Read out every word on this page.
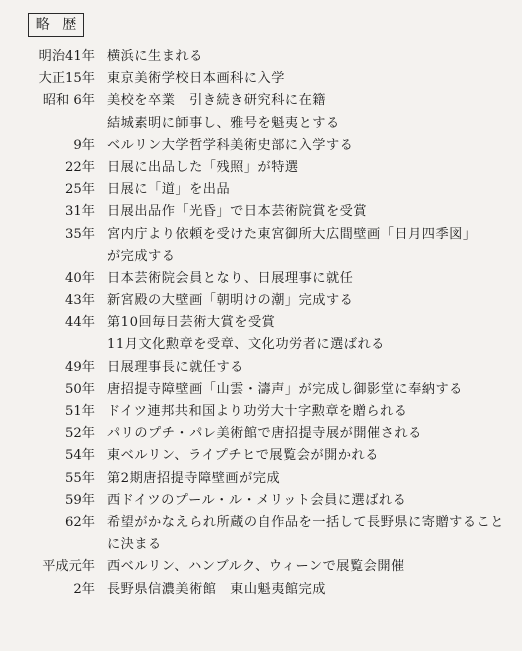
略 歴
明治41年 横浜に生まれる
大正15年 東京美術学校日本画科に入学
昭和 6年 美校を卒業　引き続き研究科に在籍
結城素明に師事し、雅号を魁夷とする
9年 ベルリン大学哲学科美術史部に入学する
22年 日展に出品した「残照」が特選
25年 日展に「道」を出品
31年 日展出品作「光昏」で日本芸術院賞を受賞
35年 宮内庁より依頼を受けた東宮御所大広間壁画「日月四季図」
が完成する
40年 日本芸術院会員となり、日展理事に就任
43年 新宮殿の大壁画「朝明けの潮」完成する
44年 第10回毎日芸術大賞を受賞
11月文化勲章を受章、文化功労者に選ばれる
49年 日展理事長に就任する
50年 唐招提寺障壁画「山雲・濤声」が完成し御影堂に奉納する
51年 ドイツ連邦共和国より功労大十字勲章を贈られる
52年 パリのプチ・パレ美術館で唐招提寺展が開催される
54年 東ベルリン、ライプチヒで展覧会が開かれる
55年 第2期唐招提寺障壁画が完成
59年 西ドイツのプール・ル・メリット会員に選ばれる
62年 希望がかなえられ所蔵の自作品を一括して長野県に寄贈すること
に決まる
平成元年 西ベルリン、ハンブルク、ウィーンで展覧会開催
2年 長野県信濃美術館　東山魁夷館完成
